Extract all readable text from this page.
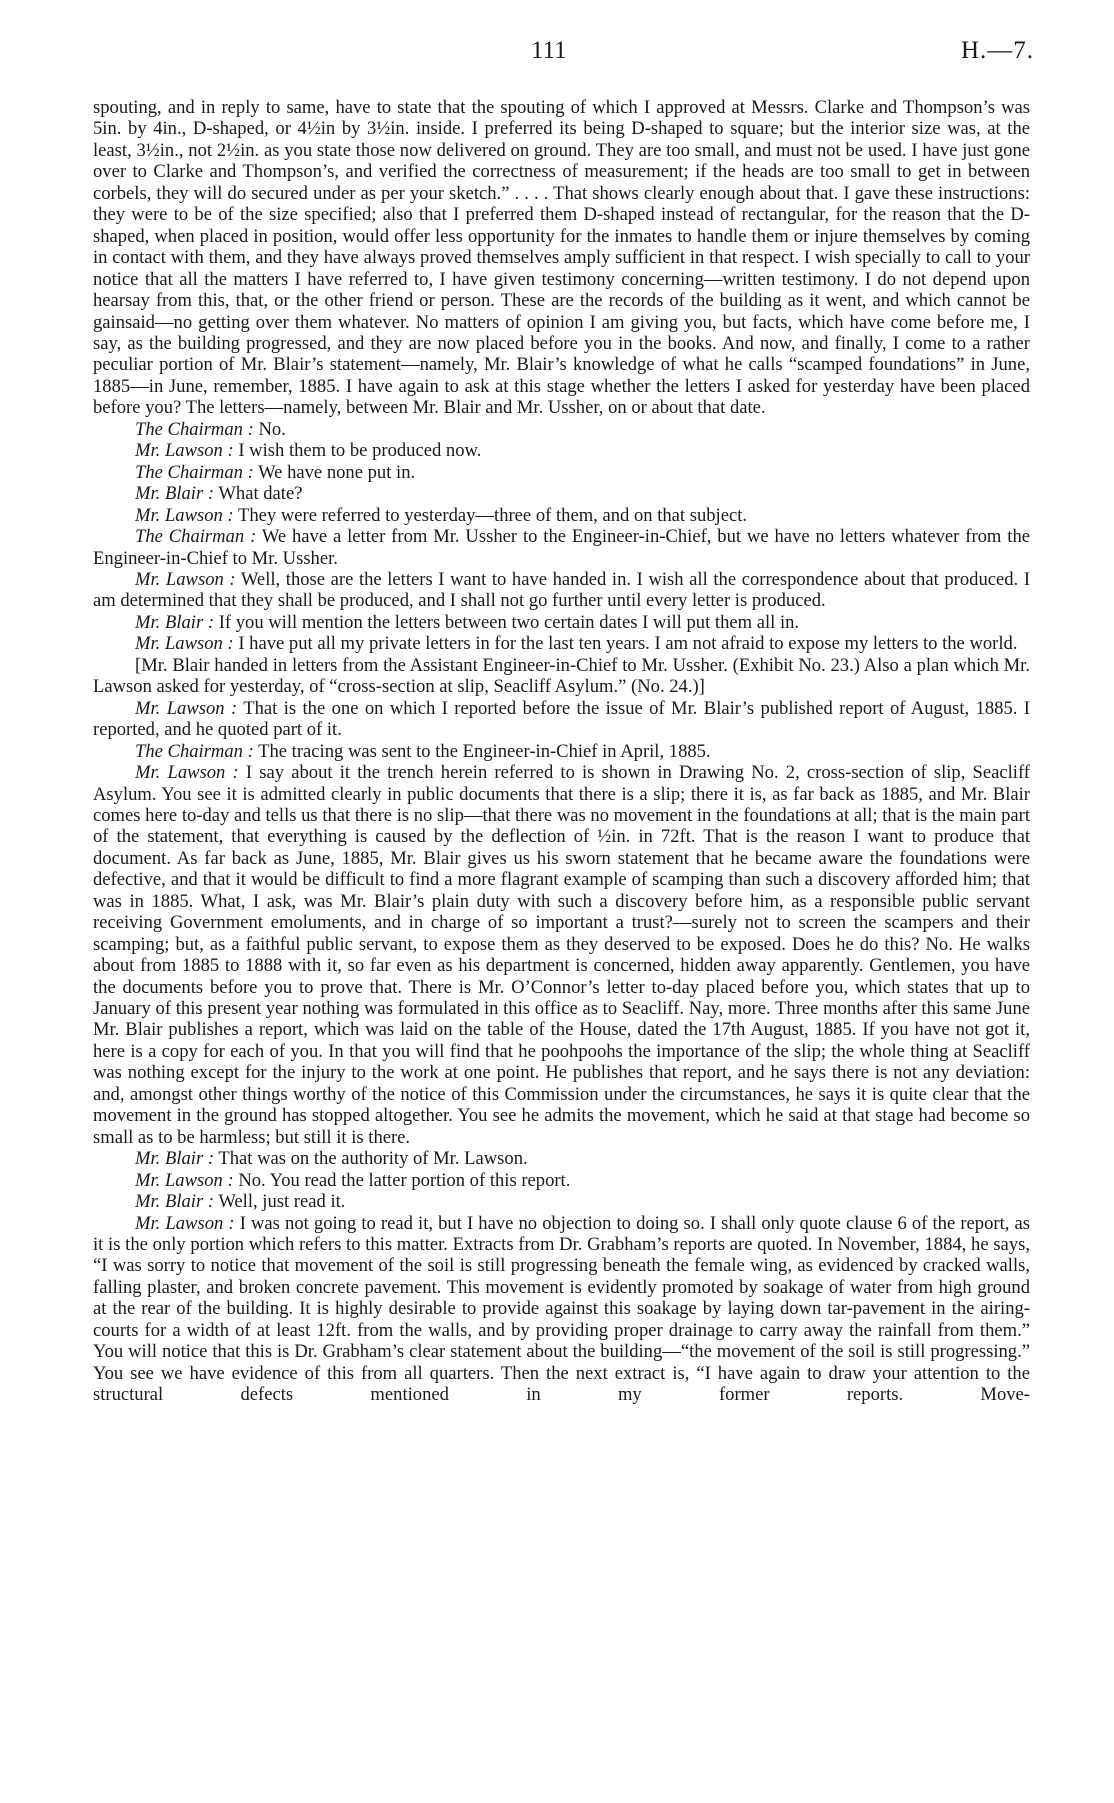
111	H.—7.

spouting, and in reply to same, have to state that the spouting of which I approved at Messrs. Clarke and Thompson’s was 5in. by 4in., D-shaped, or 4½in by 3½in. inside. I preferred its being D-shaped to square; but the interior size was, at the least, 3½in., not 2½in. as you state those now delivered on ground. They are too small, and must not be used. I have just gone over to Clarke and Thompson’s, and verified the correctness of measurement; if the heads are too small to get in between corbels, they will do secured under as per your sketch.” . . . . That shows clearly enough about that. I gave these instructions: they were to be of the size specified; also that I preferred them D-shaped instead of rectangular, for the reason that the D-shaped, when placed in position, would offer less opportunity for the inmates to handle them or injure themselves by coming in contact with them, and they have always proved themselves amply sufficient in that respect. I wish specially to call to your notice that all the matters I have referred to, I have given testimony concerning—written testimony. I do not depend upon hearsay from this, that, or the other friend or person. These are the records of the building as it went, and which cannot be gainsaid—no getting over them whatever. No matters of opinion I am giving you, but facts, which have come before me, I say, as the building progressed, and they are now placed before you in the books. And now, and finally, I come to a rather peculiar portion of Mr. Blair’s statement—namely, Mr. Blair’s knowledge of what he calls “scamped foundations” in June, 1885—in June, remember, 1885. I have again to ask at this stage whether the letters I asked for yesterday have been placed before you? The letters—namely, between Mr. Blair and Mr. Ussher, on or about that date.

The Chairman : No.

Mr. Lawson : I wish them to be produced now.

The Chairman : We have none put in.

Mr. Blair : What date?

Mr. Lawson : They were referred to yesterday—three of them, and on that subject.

The Chairman : We have a letter from Mr. Ussher to the Engineer-in-Chief, but we have no letters whatever from the Engineer-in-Chief to Mr. Ussher.

Mr. Lawson : Well, those are the letters I want to have handed in. I wish all the correspondence about that produced. I am determined that they shall be produced, and I shall not go further until every letter is produced.

Mr. Blair : If you will mention the letters between two certain dates I will put them all in.

Mr. Lawson : I have put all my private letters in for the last ten years. I am not afraid to expose my letters to the world.

[Mr. Blair handed in letters from the Assistant Engineer-in-Chief to Mr. Ussher. (Exhibit No. 23.) Also a plan which Mr. Lawson asked for yesterday, of “cross-section at slip, Seacliff Asylum.” (No. 24.)]

Mr. Lawson : That is the one on which I reported before the issue of Mr. Blair’s published report of August, 1885. I reported, and he quoted part of it.

The Chairman : The tracing was sent to the Engineer-in-Chief in April, 1885.

Mr. Lawson : I say about it the trench herein referred to is shown in Drawing No. 2, cross-section of slip, Seacliff Asylum. You see it is admitted clearly in public documents that there is a slip; there it is, as far back as 1885, and Mr. Blair comes here to-day and tells us that there is no slip—that there was no movement in the foundations at all; that is the main part of the statement, that everything is caused by the deflection of ½in. in 72ft. That is the reason I want to produce that document. As far back as June, 1885, Mr. Blair gives us his sworn statement that he became aware the foundations were defective, and that it would be difficult to find a more flagrant example of scamping than such a discovery afforded him; that was in 1885. What, I ask, was Mr. Blair’s plain duty with such a discovery before him, as a responsible public servant receiving Government emoluments, and in charge of so important a trust?—surely not to screen the scampers and their scamping; but, as a faithful public servant, to expose them as they deserved to be exposed. Does he do this? No. He walks about from 1885 to 1888 with it, so far even as his department is concerned, hidden away apparently. Gentlemen, you have the documents before you to prove that. There is Mr. O’Connor’s letter to-day placed before you, which states that up to January of this present year nothing was formulated in this office as to Seacliff. Nay, more. Three months after this same June Mr. Blair publishes a report, which was laid on the table of the House, dated the 17th August, 1885. If you have not got it, here is a copy for each of you. In that you will find that he poohpoohs the importance of the slip; the whole thing at Seacliff was nothing except for the injury to the work at one point. He publishes that report, and he says there is not any deviation: and, amongst other things worthy of the notice of this Commission under the circumstances, he says it is quite clear that the movement in the ground has stopped altogether. You see he admits the movement, which he said at that stage had become so small as to be harmless; but still it is there.

Mr. Blair : That was on the authority of Mr. Lawson.

Mr. Lawson : No. You read the latter portion of this report.

Mr. Blair : Well, just read it.

Mr. Lawson : I was not going to read it, but I have no objection to doing so. I shall only quote clause 6 of the report, as it is the only portion which refers to this matter. Extracts from Dr. Grabham’s reports are quoted. In November, 1884, he says, “I was sorry to notice that movement of the soil is still progressing beneath the female wing, as evidenced by cracked walls, falling plaster, and broken concrete pavement. This movement is evidently promoted by soakage of water from high ground at the rear of the building. It is highly desirable to provide against this soakage by laying down tar-pavement in the airing-courts for a width of at least 12ft. from the walls, and by providing proper drainage to carry away the rainfall from them.” You will notice that this is Dr. Grabham’s clear statement about the building—“the movement of the soil is still progressing.” You see we have evidence of this from all quarters. Then the next extract is, “I have again to draw your attention to the structural defects mentioned in my former reports. Move-
